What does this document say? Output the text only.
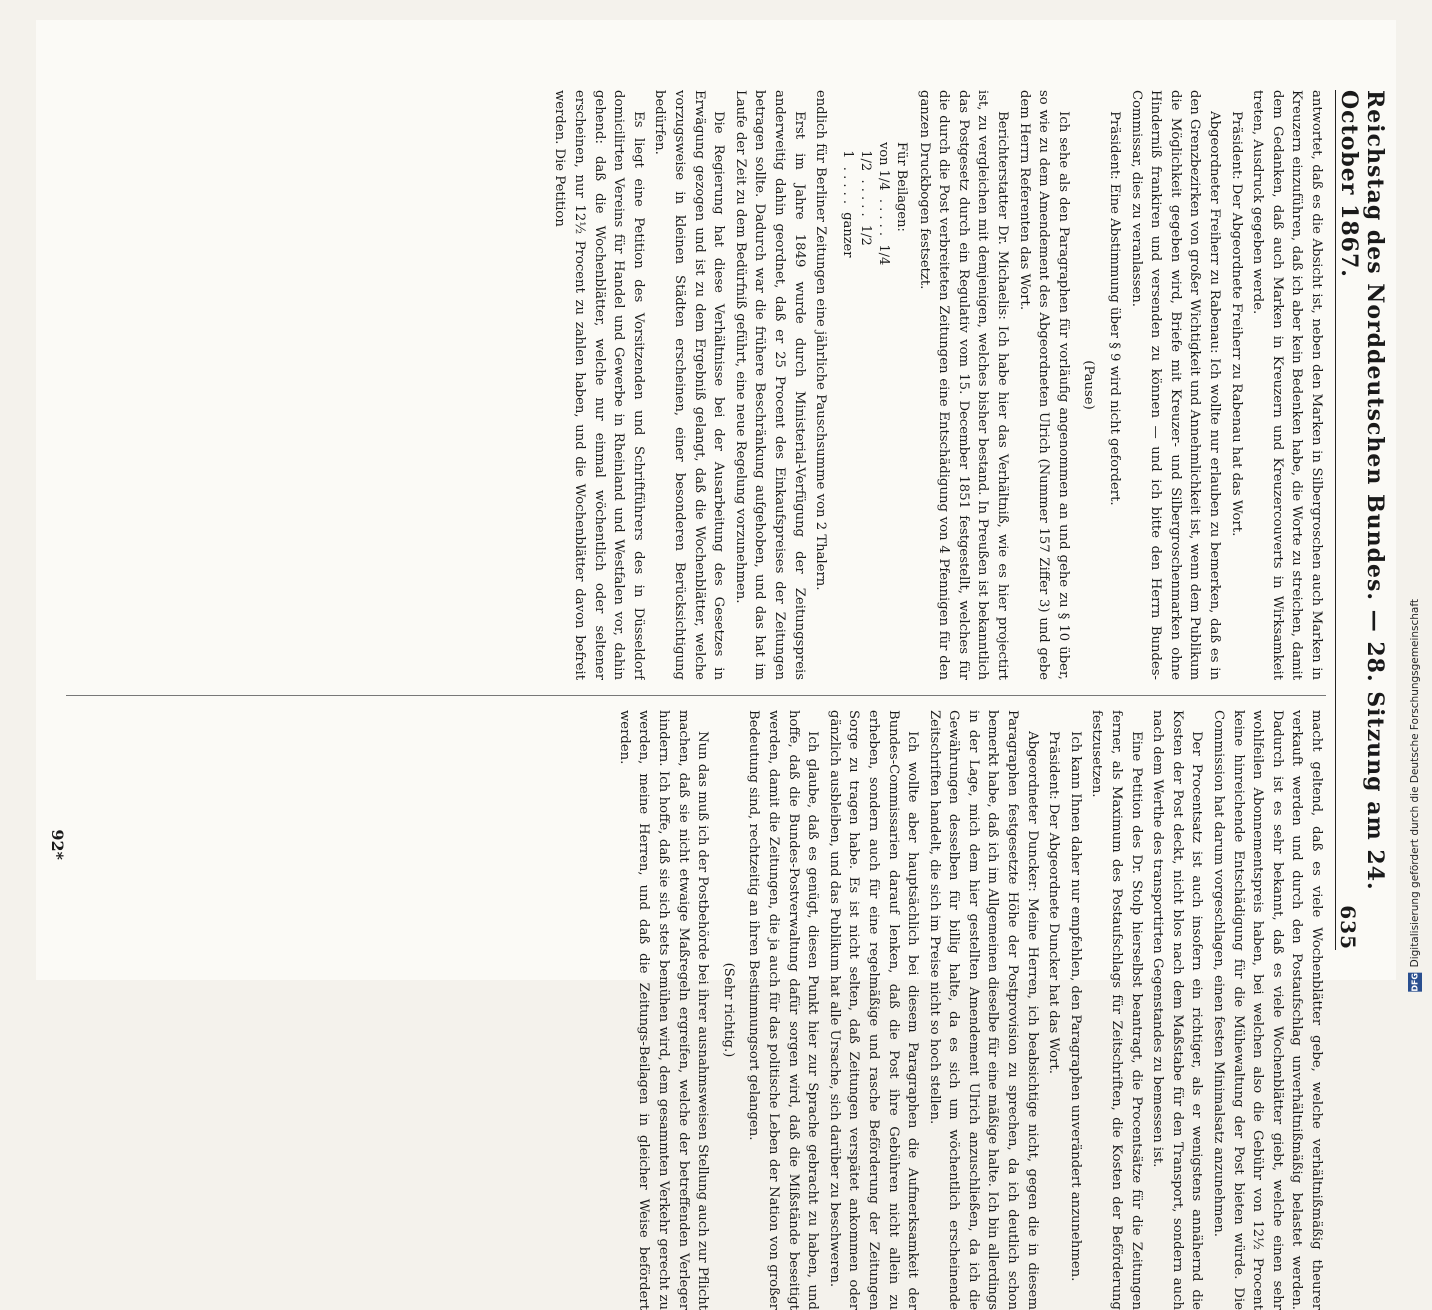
Reichstag des Norddeutschen Bundes. — 28. Sitzung am 24. October 1867.
635

antwortet, daß es die Absicht ist, neben den Marken in Silbergroschen auch Marken in Kreuzern einzuführen, daß ich aber kein Bedenken habe, die Worte zu streichen, damit dem Gedanken, daß auch Marken in Kreuzern und Kreuzercouverts in Wirksamkeit treten, Ausdruck gegeben werde.

Präsident: Der Abgeordnete Freiherr zu Rabenau hat das Wort.

Abgeordneter Freiherr zu Rabenau: Ich wollte nur erlauben zu bemerken, daß es in den Grenzbezirken von großer Wichtigkeit und Annehmlichkeit ist, wenn dem Publikum die Möglichkeit gegeben wird, Briefe mit Kreuzer- und Silbergroschenmarken ohne Hinderniß frankiren und versenden zu können — und ich bitte den Herrn Bundes-Commissar, dies zu veranlassen.

Präsident: Eine Abstimmung über § 9 wird nicht gefordert.

(Pause)

Ich sehe als den Paragraphen für vorläufig angenommen an und gehe zu § 10 über, so wie zu dem Amendement des Abgeordneten Ulrich (Nummer 157 Ziffer 3) und gebe dem Herrn Referenten das Wort.

Berichterstatter Dr. Michaelis: Ich habe hier das Verhältniß, wie es hier projectirt ist, zu vergleichen mit demjenigen, welches bisher bestand. In Preußen ist bekanntlich das Postgesetz durch ein Regulativ vom 15. December 1851 festgestellt, welches für die durch die Post verbreiteten Zeitungen eine Entschädigung von 4 Pfennigen für den ganzen Druckbogen festsetzt.

Für Beilagen:
von 1/4  . . . . .  1/4
1/2  . . . . .  1/2
1  . . . . .  ganzer

endlich für Berliner Zeitungen eine jährliche Pauschsumme von 2 Thalern.

Erst im Jahre 1849 wurde durch Ministerial-Verfügung der Zeitungspreis anderweitig dahin geordnet, daß er 25 Procent des Einkaufspreises der Zeitungen betragen sollte. Dadurch war die frühere Beschränkung aufgehoben, und das hat im Laufe der Zeit zu dem Bedürfniß geführt, eine neue Regelung vorzunehmen.

Die Regierung hat diese Verhältnisse bei der Ausarbeitung des Gesetzes in Erwägung gezogen und ist zu dem Ergebniß gelangt, daß die Wochenblätter, welche vorzugsweise in kleinen Städten erscheinen, einer besonderen Berücksichtigung bedürfen.

Es liegt eine Petition des Vorsitzenden und Schriftführers des in Düsseldorf domicilirten Vereins für Handel und Gewerbe in Rheinland und Westfalen vor, dahin gehend: daß die Wochenblätter, welche nur einmal wöchentlich oder seltener erscheinen, nur 12½ Procent zu zahlen haben, und die Wochenblätter davon befreit werden. Die Petition

macht geltend, daß es viele Wochenblätter gebe, welche verhältnißmäßig theurer verkauft werden und durch den Postaufschlag unverhältnißmäßig belastet werden. Dadurch ist es sehr bekannt, daß es viele Wochenblätter giebt, welche einen sehr wohlfeilen Abonnementspreis haben, bei welchen also die Gebühr von 12½ Procent keine hinreichende Entschädigung für die Mühewaltung der Post bieten würde. Die Commission hat darum vorgeschlagen, einen festen Minimalsatz anzunehmen.

Der Procentsatz ist auch insofern ein richtiger, als er wenigstens annähernd die Kosten der Post deckt, nicht blos nach dem Maßstabe für den Transport, sondern auch nach dem Werthe des transportirten Gegenstandes zu bemessen ist.

Eine Petition des Dr. Stolp hierselbst beantragt, die Procentsätze für die Zeitungen ferner, als Maximum des Postaufschlags für Zeitschriften, die Kosten der Beförderung festzusetzen.

Ich kann Ihnen daher nur empfehlen, den Paragraphen unverändert anzunehmen.

Präsident: Der Abgeordnete Duncker hat das Wort.

Abgeordneter Duncker: Meine Herren, ich beabsichtige nicht, gegen die in diesem Paragraphen festgesetzte Höhe der Postprovision zu sprechen, da ich deutlich schon bemerkt habe, daß ich im Allgemeinen dieselbe für eine mäßige halte. Ich bin allerdings in der Lage, mich dem hier gestellten Amendement Ulrich anzuschließen, da ich die Gewährungen desselben für billig halte, da es sich um wöchentlich erscheinende Zeitschriften handelt, die sich im Preise nicht so hoch stellen.

Ich wollte aber hauptsächlich bei diesem Paragraphen die Aufmerksamkeit der Bundes-Commissarien darauf lenken, daß die Post ihre Gebühren nicht allein zu erheben, sondern auch für eine regelmäßige und rasche Beförderung der Zeitungen Sorge zu tragen habe. Es ist nicht selten, daß Zeitungen verspätet ankommen oder gänzlich ausbleiben, und das Publikum hat alle Ursache, sich darüber zu beschweren.

Ich glaube, daß es genügt, diesen Punkt hier zur Sprache gebracht zu haben, und hoffe, daß die Bundes-Postverwaltung dafür sorgen wird, daß die Mißstände beseitigt werden, damit die Zeitungen, die ja auch für das politische Leben der Nation von großer Bedeutung sind, rechtzeitig an ihren Bestimmungsort gelangen.

(Sehr richtig.)

Nun das muß ich der Postbehörde bei ihrer ausnahmsweisen Stellung auch zur Pflicht machen, daß sie nicht etwaige Maßregeln ergreifen, welche der betreffenden Verleger hindern. Ich hoffe, daß sie sich stets bemühen wird, dem gesammten Verkehr gerecht zu werden, meine Herren, und daß die Zeitungs-Beilagen in gleicher Weise befördert werden.

92*	Digitalisierung gefördert durch die Deutsche Forschungsgemeinschaft
DFG
